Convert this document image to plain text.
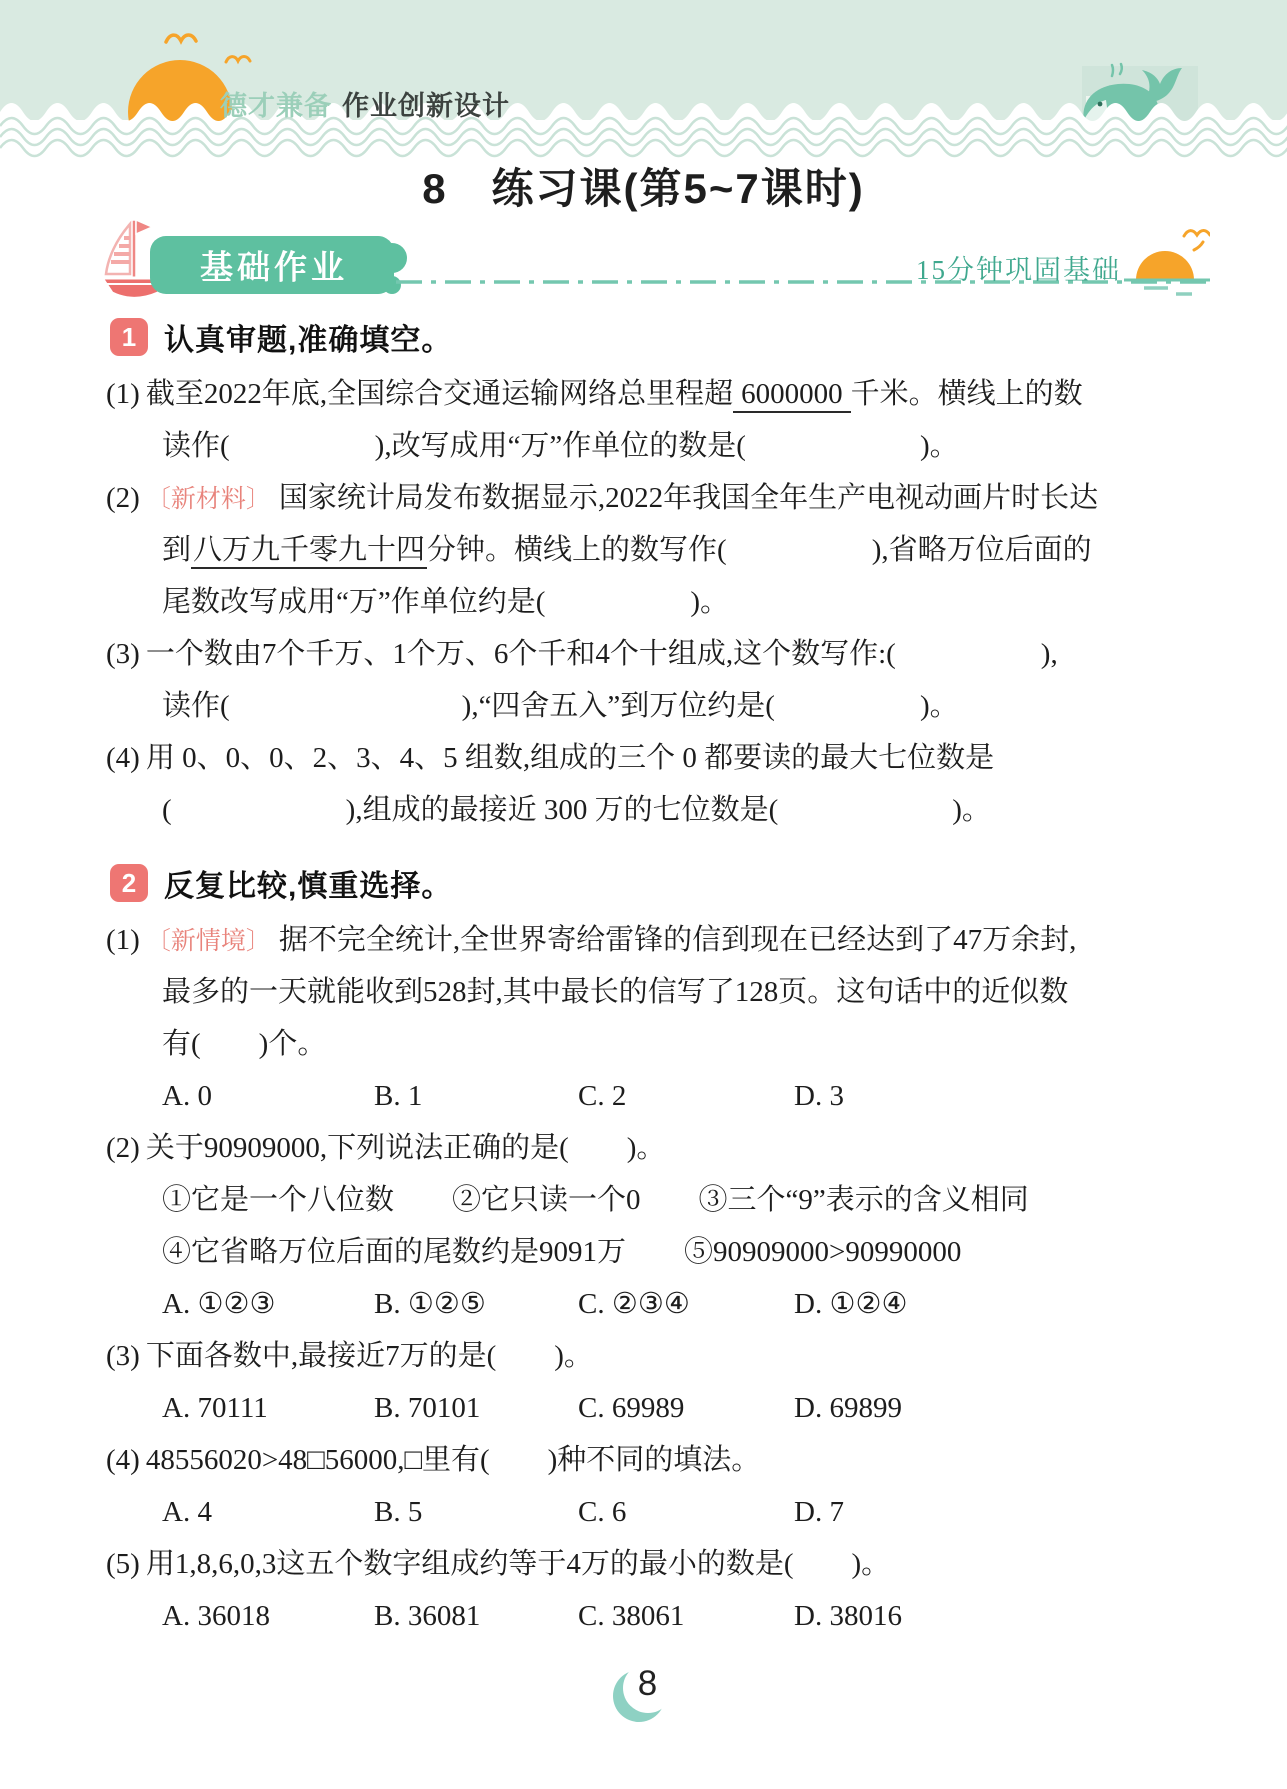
德才兼备 作业创新设计
8　练习课(第5~7课时)
基础作业	15分钟巩固基础
1 认真审题,准确填空。
(1) 截至2022年底,全国综合交通运输网络总里程超 6000000 千米。横线上的数
读作(　　　　　),改写成用“万”作单位的数是(　　　　　　)。
(2) 〔新材料〕 国家统计局发布数据显示,2022年我国全年生产电视动画片时长达
到八万九千零九十四分钟。横线上的数写作(　　　　　),省略万位后面的
尾数改写成用“万”作单位约是(　　　　　)。
(3) 一个数由7个千万、1个万、6个千和4个十组成,这个数写作:(　　　　　),
读作(　　　　　　　　),“四舍五入”到万位约是(　　　　　)。
(4) 用 0、0、0、2、3、4、5 组数,组成的三个 0 都要读的最大七位数是
(　　　　　　),组成的最接近 300 万的七位数是(　　　　　　)。
2 反复比较,慎重选择。
(1) 〔新情境〕 据不完全统计,全世界寄给雷锋的信到现在已经达到了47万余封,
最多的一天就能收到528封,其中最长的信写了128页。这句话中的近似数
有(　　)个。
A. 0	B. 1	C. 2	D. 3
(2) 关于90909000,下列说法正确的是(　　)。
①它是一个八位数　　②它只读一个0　　③三个“9”表示的含义相同
④它省略万位后面的尾数约是9091万　　⑤90909000>90990000
A. ①②③	B. ①②⑤	C. ②③④	D. ①②④
(3) 下面各数中,最接近7万的是(　　)。
A. 70111	B. 70101	C. 69989	D. 69899
(4) 48556020>48□56000,□里有(　　)种不同的填法。
A. 4	B. 5	C. 6	D. 7
(5) 用1,8,6,0,3这五个数字组成约等于4万的最小的数是(　　)。
A. 36018	B. 36081	C. 38061	D. 38016
8
